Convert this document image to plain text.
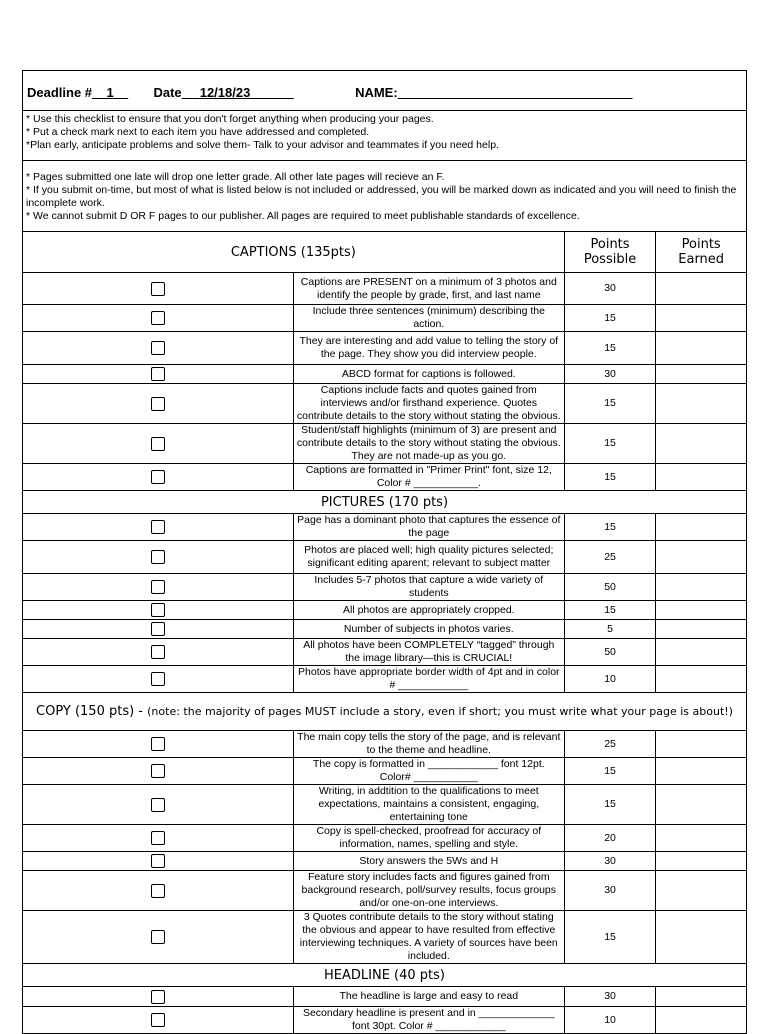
Deadline #	1
	Date	12/18/23
	NAME:

* Use this checklist to ensure that you don't forget anything when producing your pages.

* Put a check mark next to each item you have addressed and completed.

*Plan early, anticipate problems and solve them- Talk to your advisor and teammates if you need help.

* Pages submitted one late will drop one letter grade. All other late pages will recieve an F.

* If you submit on-time, but most of what is listed below is not included or addressed, you will be marked down as indicated and you will need to finish the incomplete work.

* We cannot submit D OR F pages to our publisher. All pages are required to meet publishable standards of excellence.

CAPTIONS (135pts)		Points Possible	Points Earned
	Captions are PRESENT on a minimum of 3 photos and identify the people by grade, first, and last name	30	
	Include three sentences (minimum) describing the action.	15	
	They are interesting and add value to telling the story of the page. They show you did interview people.	15	
	ABCD format for captions is followed.	30	
	Captions include facts and quotes gained from interviews and/or firsthand experience. Quotes contribute details to the story without stating the obvious.	15	
	Student/staff highlights (minimum of 3) are present and contribute details to the story without stating the obvious. They are not made-up as you go.	15	
	Captions are formatted in "Primer Print" font, size 12, Color # ___________.	15	
PICTURES (170 pts)			
	Page has a dominant photo that captures the essence of the page	15	
	Photos are placed well; high quality pictures selected; significant editing aparent; relevant to subject matter	25	
	Includes 5-7 photos that capture a wide variety of students	50	
	All photos are appropriately cropped.	15	
	Number of subjects in photos varies.	5	
	All photos have been COMPLETELY “tagged” through the image library—this is CRUCIAL!	50	
	Photos have appropriate border width of 4pt and in color # ____________	10	
COPY (150 pts) - (note: the majority of pages MUST include a story, even if short; you must write what your page is about!)			
	The main copy tells the story of the page, and is relevant to the theme and headline.	25	
	The copy is formatted in ____________ font 12pt. Color# ___________	15	
	Writing, in addtition to the qualifications to meet expectations, maintains a consistent, engaging, entertaining tone	15	
	Copy is spell-checked, proofread for accuracy of information, names, spelling and style.	20	
	Story answers the 5Ws and H	30	
	Feature story includes facts and figures gained from background research, poll/survey results, focus groups and/or one-on-one interviews.	30	
	3 Quotes contribute details to the story without stating the obvious and appear to have resulted from effective interviewing techniques. A variety of sources have been included.	15	
HEADLINE (40 pts)			
	The headline is large and easy to read	30	
	Secondary headline is present and in _____________ font 30pt. Color # ____________	10	
